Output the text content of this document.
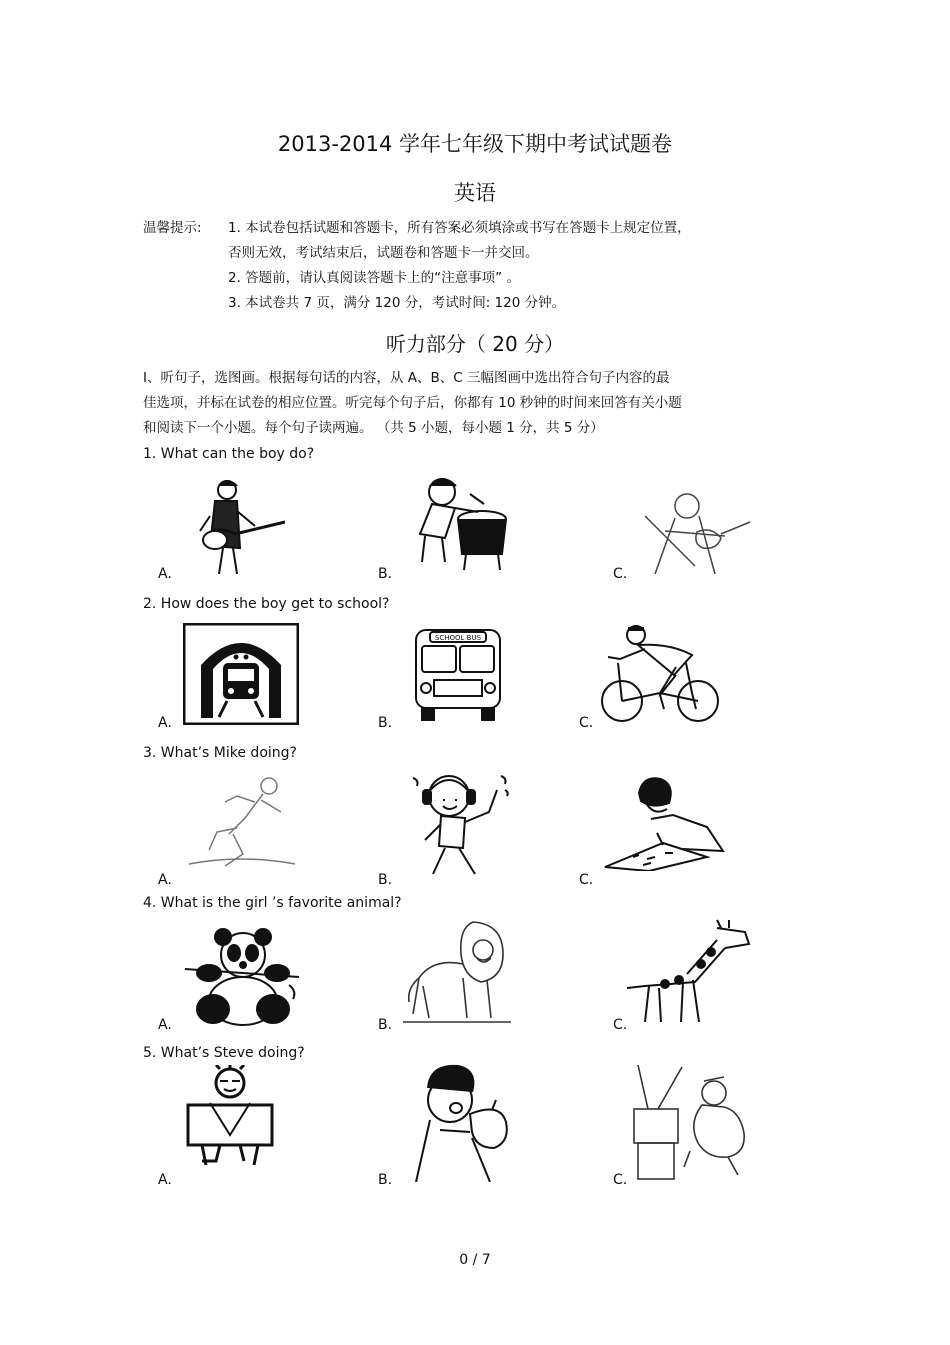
2013-2014 学年七年级下期中考试试题卷
英语
温馨提示: 1. 本试卷包括试题和答题卡，所有答案必须填涂或书写在答题卡上规定位置，
否则无效，考试结束后，试题卷和答题卡一并交回。
2. 答题前，请认真阅读答题卡上的“注意事项” 。
3. 本试卷共 7 页，满分 120 分，考试时间: 120 分钟。
听力部分（ 20 分）
Ⅰ、听句子，选图画。根据每句话的内容，从 A、B、C 三幅图画中选出符合句子内容的最
佳选项，并标在试卷的相应位置。听完每个句子后，你都有 10 秒钟的时间来回答有关小题
和阅读下一个小题。每个句子读两遍。 （共 5 小题，每小题 1 分，共 5 分）
1. What can the boy do?
A.	B.	C.
2. How does the boy get to school?
SCHOOL BUS
A.	B.	C.
3. What’s Mike doing?
A.	B.	C.
4. What is the girl ’s favorite animal?
A.	B.	C.
5. What’s Steve doing?
A.	B.	C.
0 / 7
